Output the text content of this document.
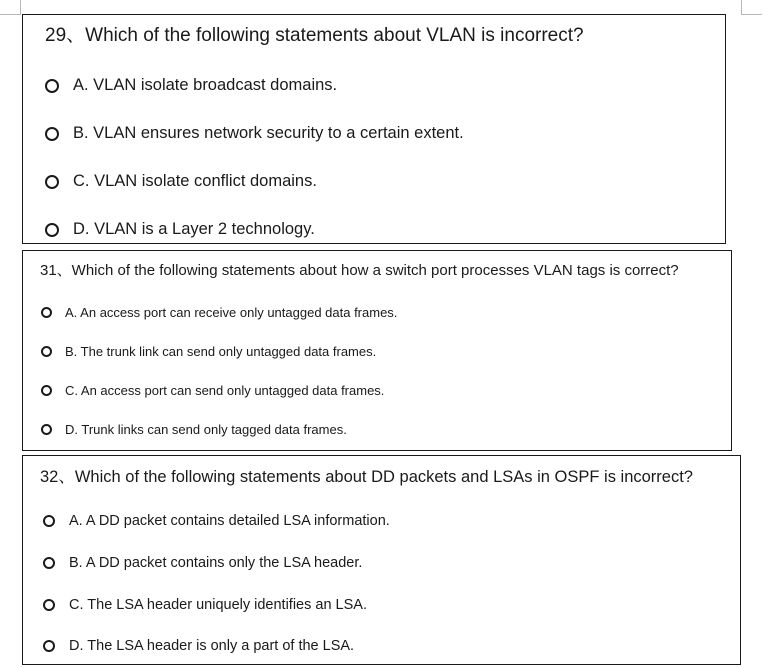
29、Which of the following statements about VLAN is incorrect?
A. VLAN isolate broadcast domains.
B. VLAN ensures network security to a certain extent.
C. VLAN isolate conflict domains.
D. VLAN is a Layer 2 technology.
31、Which of the following statements about how a switch port processes VLAN tags is correct?
A. An access port can receive only untagged data frames.
B. The trunk link can send only untagged data frames.
C. An access port can send only untagged data frames.
D. Trunk links can send only tagged data frames.
32、Which of the following statements about DD packets and LSAs in OSPF is incorrect?
A. A DD packet contains detailed LSA information.
B. A DD packet contains only the LSA header.
C. The LSA header uniquely identifies an LSA.
D. The LSA header is only a part of the LSA.
